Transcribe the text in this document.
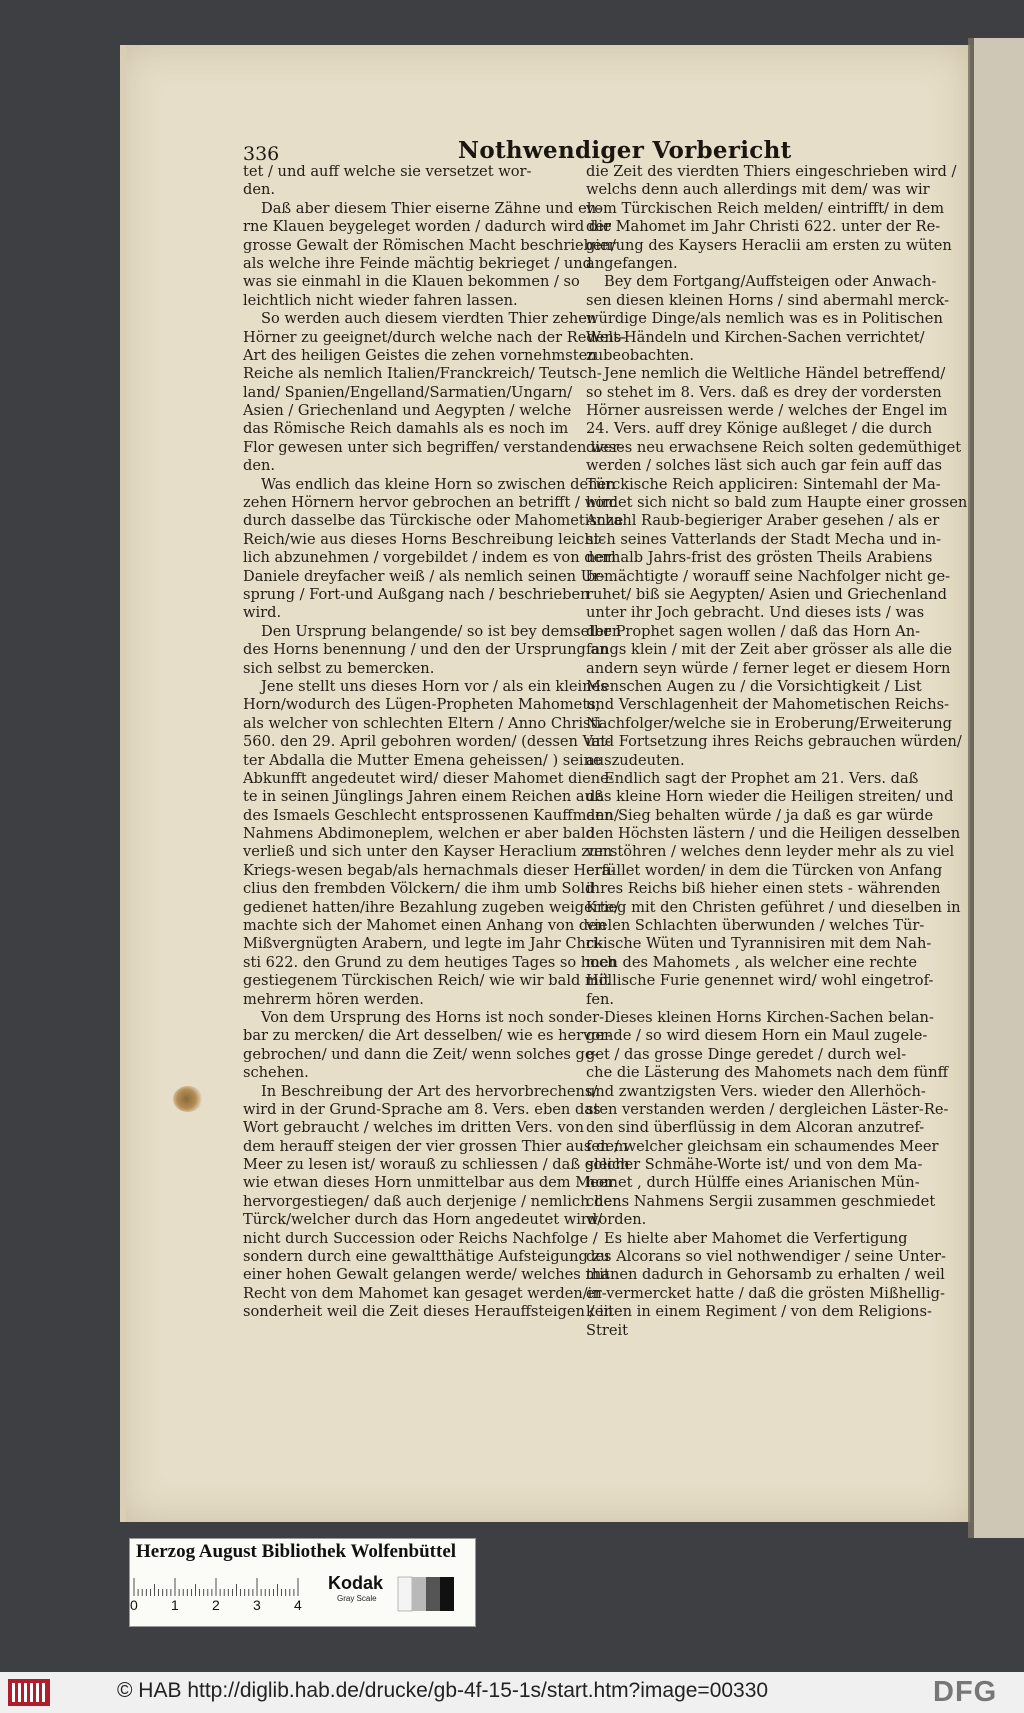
336	Nothwendiger Vorbericht
tet / und auff welche sie versetzet wor-
den.
Daß aber diesem Thier eiserne Zähne und eh-
rne Klauen beygeleget worden / dadurch wird die
grosse Gewalt der Römischen Macht beschrieben/
als welche ihre Feinde mächtig bekrieget / und
was sie einmahl in die Klauen bekommen / so
leichtlich nicht wieder fahren lassen.
So werden auch diesem vierdten Thier zehen
Hörner zu geeignet/durch welche nach der Redens-
Art des heiligen Geistes die zehen vornehmsten
Reiche als nemlich Italien/Franckreich/ Teutsch-
land/ Spanien/Engelland/Sarmatien/Ungarn/
Asien / Griechenland und Aegypten / welche
das Römische Reich damahls als es noch im
Flor gewesen unter sich begriffen/ verstanden wer-
den.
Was endlich das kleine Horn so zwischen denen
zehen Hörnern hervor gebrochen an betrifft / wird
durch dasselbe das Türckische oder Mahometische
Reich/wie aus dieses Horns Beschreibung leicht-
lich abzunehmen / vorgebildet / indem es von dem
Daniele dreyfacher weiß / als nemlich seinen Ur-
sprung / Fort-und Außgang nach / beschrieben
wird.
Den Ursprung belangende/ so ist bey demselben
des Horns benennung / und den der Ursprung an
sich selbst zu bemercken.
Jene stellt uns dieses Horn vor / als ein kleines
Horn/wodurch des Lügen-Propheten Mahomets,
als welcher von schlechten Eltern / Anno Christi
560. den 29. April gebohren worden/ (dessen Vat-
ter Abdalla die Mutter Emena geheissen/ ) seine
Abkunfft angedeutet wird/ dieser Mahomet diene-
te in seinen Jünglings Jahren einem Reichen auß
des Ismaels Geschlecht entsprossenen Kauffmann/
Nahmens Abdimoneplem, welchen er aber bald
verließ und sich unter den Kayser Heraclium zum
Kriegs-wesen begab/als hernachmals dieser Hera-
clius den frembden Völckern/ die ihm umb Sold
gedienet hatten/ihre Bezahlung zugeben weigerte/
machte sich der Mahomet einen Anhang von den
Mißvergnügten Arabern, und legte im Jahr Chri-
sti 622. den Grund zu dem heutiges Tages so hoch
gestiegenem Türckischen Reich/ wie wir bald mit
mehrerm hören werden.
Von dem Ursprung des Horns ist noch sonder-
bar zu mercken/ die Art desselben/ wie es hervor-
gebrochen/ und dann die Zeit/ wenn solches ge-
schehen.
In Beschreibung der Art des hervorbrechens/
wird in der Grund-Sprache am 8. Vers. eben das
Wort gebraucht / welches im dritten Vers. von
dem herauff steigen der vier grossen Thier aus dem
Meer zu lesen ist/ worauß zu schliessen / daß gleich
wie etwan dieses Horn unmittelbar aus dem Meer
hervorgestiegen/ daß auch derjenige / nemlich der
Türck/welcher durch das Horn angedeutet wird/
nicht durch Succession oder Reichs Nachfolge /
sondern durch eine gewaltthätige Aufsteigung zu
einer hohen Gewalt gelangen werde/ welches mit
Recht von dem Mahomet kan gesaget werden/in-
sonderheit weil die Zeit dieses Herauffsteigen / in
die Zeit des vierdten Thiers eingeschrieben wird /
welchs denn auch allerdings mit dem/ was wir
vom Türckischen Reich melden/ eintrifft/ in dem
der Mahomet im Jahr Christi 622. unter der Re-
gierung des Kaysers Heraclii am ersten zu wüten
angefangen.
Bey dem Fortgang/Auffsteigen oder Anwach-
sen diesen kleinen Horns / sind abermahl merck-
würdige Dinge/als nemlich was es in Politischen
Welt-Händeln und Kirchen-Sachen verrichtet/
zubeobachten.
Jene nemlich die Weltliche Händel betreffend/
so stehet im 8. Vers. daß es drey der vordersten
Hörner ausreissen werde / welches der Engel im
24. Vers. auff drey Könige außleget / die durch
dieses neu erwachsene Reich solten gedemüthiget
werden / solches läst sich auch gar fein auff das
Türckische Reich appliciren: Sintemahl der Ma-
homet sich nicht so bald zum Haupte einer grossen
Anzahl Raub-begieriger Araber gesehen / als er
sich seines Vatterlands der Stadt Mecha und in-
nerhalb Jahrs-frist des grösten Theils Arabiens
bemächtigte / worauff seine Nachfolger nicht ge-
ruhet/ biß sie Aegypten/ Asien und Griechenland
unter ihr Joch gebracht. Und dieses ists / was
der Prophet sagen wollen / daß das Horn An-
fangs klein / mit der Zeit aber grösser als alle die
andern seyn würde / ferner leget er diesem Horn
Menschen Augen zu / die Vorsichtigkeit / List
und Verschlagenheit der Mahometischen Reichs-
Nachfolger/welche sie in Eroberung/Erweiterung
und Fortsetzung ihres Reichs gebrauchen würden/
auszudeuten.
Endlich sagt der Prophet am 21. Vers. daß
das kleine Horn wieder die Heiligen streiten/ und
den Sieg behalten würde / ja daß es gar würde
den Höchsten lästern / und die Heiligen desselben
verstöhren / welches denn leyder mehr als zu viel
erfüllet worden/ in dem die Türcken von Anfang
ihres Reichs biß hieher einen stets - währenden
Krieg mit den Christen geführet / und dieselben in
vielen Schlachten überwunden / welches Tür-
ckische Wüten und Tyrannisiren mit dem Nah-
men des Mahomets , als welcher eine rechte
Höllische Furie genennet wird/ wohl eingetrof-
fen.
Dieses kleinen Horns Kirchen-Sachen belan-
gende / so wird diesem Horn ein Maul zugele-
get / das grosse Dinge geredet / durch wel-
che die Lästerung des Mahomets nach dem fünff
und zwantzigsten Vers. wieder den Allerhöch-
sten verstanden werden / dergleichen Läster-Re-
den sind überflüssig in dem Alcoran anzutref-
fen / welcher gleichsam ein schaumendes Meer
solcher Schmähe-Worte ist/ und von dem Ma-
homet , durch Hülffe eines Arianischen Mün-
chens Nahmens Sergii zusammen geschmiedet
worden.
Es hielte aber Mahomet die Verfertigung
des Alcorans so viel nothwendiger / seine Unter-
thanen dadurch in Gehorsamb zu erhalten / weil
er vermercket hatte / daß die grösten Mißhellig-
keiten in einem Regiment / von dem Religions-
Streit
Herzog August Bibliothek Wolfenbüttel
0 1 2 3 4
Kodak
Gray Scale
© HAB http://diglib.hab.de/drucke/gb-4f-15-1s/start.htm?image=00330	DFG
